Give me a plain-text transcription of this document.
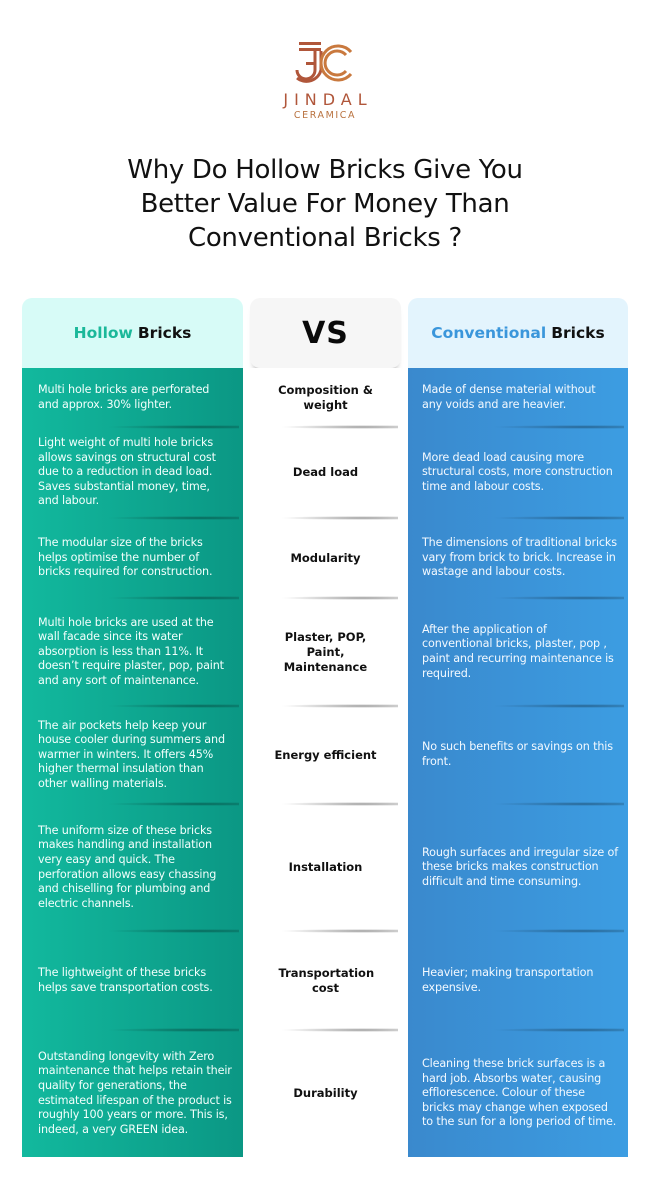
JINDAL
CERAMICA
Why Do Hollow Bricks Give You
Better Value For Money Than
Conventional Bricks ?
Hollow Bricks
Multi hole bricks are perforated and approx. 30% lighter.
Light weight of multi hole bricks allows savings on structural cost due to a reduction in dead load. Saves substantial money, time, and labour.
The modular size of the bricks helps optimise the number of bricks required for construction.
Multi hole bricks are used at the wall facade since its water absorption is less than 11%. It doesn’t require plaster, pop, paint and any sort of maintenance.
The air pockets help keep your house cooler during summers and warmer in winters. It offers 45% higher thermal insulation than other walling materials.
The uniform size of these bricks makes handling and installation very easy and quick. The perforation allows easy chassing and chiselling for plumbing and electric channels.
The lightweight of these bricks helps save transportation costs.
Outstanding longevity with Zero maintenance that helps retain their quality for generations, the estimated lifespan of the product is roughly 100 years or more. This is, indeed, a very GREEN idea.
VS
Composition & weight
Dead load
Modularity
Plaster, POP, Paint, Maintenance
Energy efficient
Installation
Transportation cost
Durability
Conventional Bricks
Made of dense material without any voids and are heavier.
More dead load causing more structural costs, more construction time and labour costs.
The dimensions of traditional bricks vary from brick to brick. Increase in wastage and labour costs.
After the application of conventional bricks, plaster, pop , paint and recurring maintenance is required.
No such benefits or savings on this front.
Rough surfaces and irregular size of these bricks makes construction difficult and time consuming.
Heavier; making transportation expensive.
Cleaning these brick surfaces is a hard job. Absorbs water, causing efflorescence. Colour of these bricks may change when exposed to the sun for a long period of time.
